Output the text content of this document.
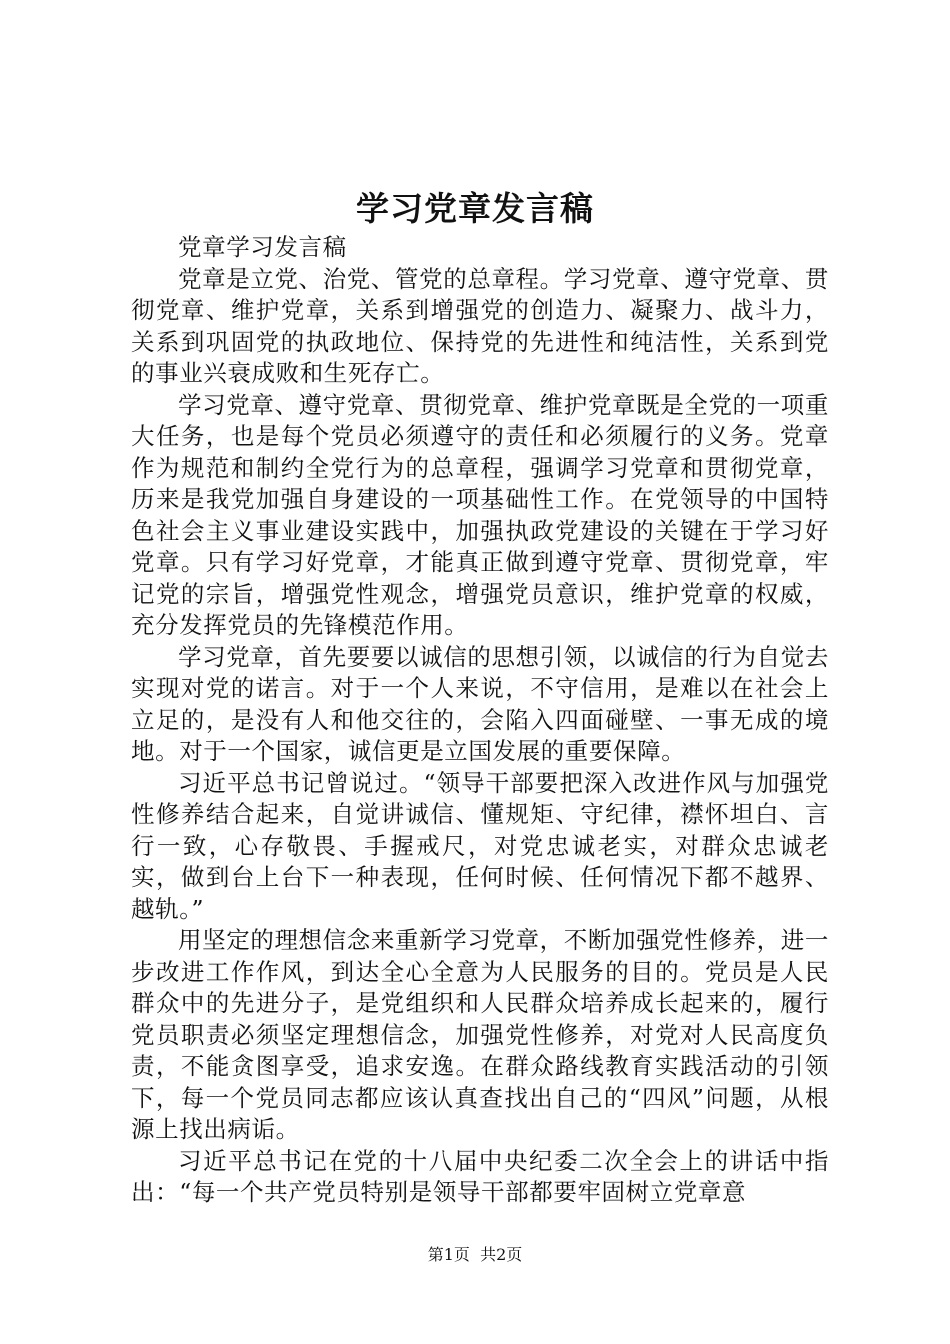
学习党章发言稿

党章学习发言稿

党章是立党、治党、管党的总章程。学习党章、遵守党章、贯彻党章、维护党章，关系到增强党的创造力、凝聚力、战斗力，关系到巩固党的执政地位、保持党的先进性和纯洁性，关系到党的事业兴衰成败和生死存亡。

学习党章、遵守党章、贯彻党章、维护党章既是全党的一项重大任务，也是每个党员必须遵守的责任和必须履行的义务。党章作为规范和制约全党行为的总章程，强调学习党章和贯彻党章，历来是我党加强自身建设的一项基础性工作。在党领导的中国特色社会主义事业建设实践中，加强执政党建设的关键在于学习好党章。只有学习好党章，才能真正做到遵守党章、贯彻党章，牢记党的宗旨，增强党性观念，增强党员意识，维护党章的权威，充分发挥党员的先锋模范作用。

学习党章，首先要要以诚信的思想引领，以诚信的行为自觉去实现对党的诺言。对于一个人来说，不守信用，是难以在社会上立足的，是没有人和他交往的，会陷入四面碰壁、一事无成的境地。对于一个国家，诚信更是立国发展的重要保障。

习近平总书记曾说过。“领导干部要把深入改进作风与加强党性修养结合起来，自觉讲诚信、懂规矩、守纪律，襟怀坦白、言行一致，心存敬畏、手握戒尺，对党忠诚老实，对群众忠诚老实，做到台上台下一种表现，任何时候、任何情况下都不越界、越轨。”

用坚定的理想信念来重新学习党章，不断加强党性修养，进一步改进工作作风，到达全心全意为人民服务的目的。党员是人民群众中的先进分子，是党组织和人民群众培养成长起来的，履行党员职责必须坚定理想信念，加强党性修养，对党对人民高度负责，不能贪图享受，追求安逸。在群众路线教育实践活动的引领下，每一个党员同志都应该认真查找出自己的“四风”问题，从根源上找出病诟。

习近平总书记在党的十八届中央纪委二次全会上的讲话中指出：“每一个共产党员特别是领导干部都要牢固树立党章意

第1页 共2页
